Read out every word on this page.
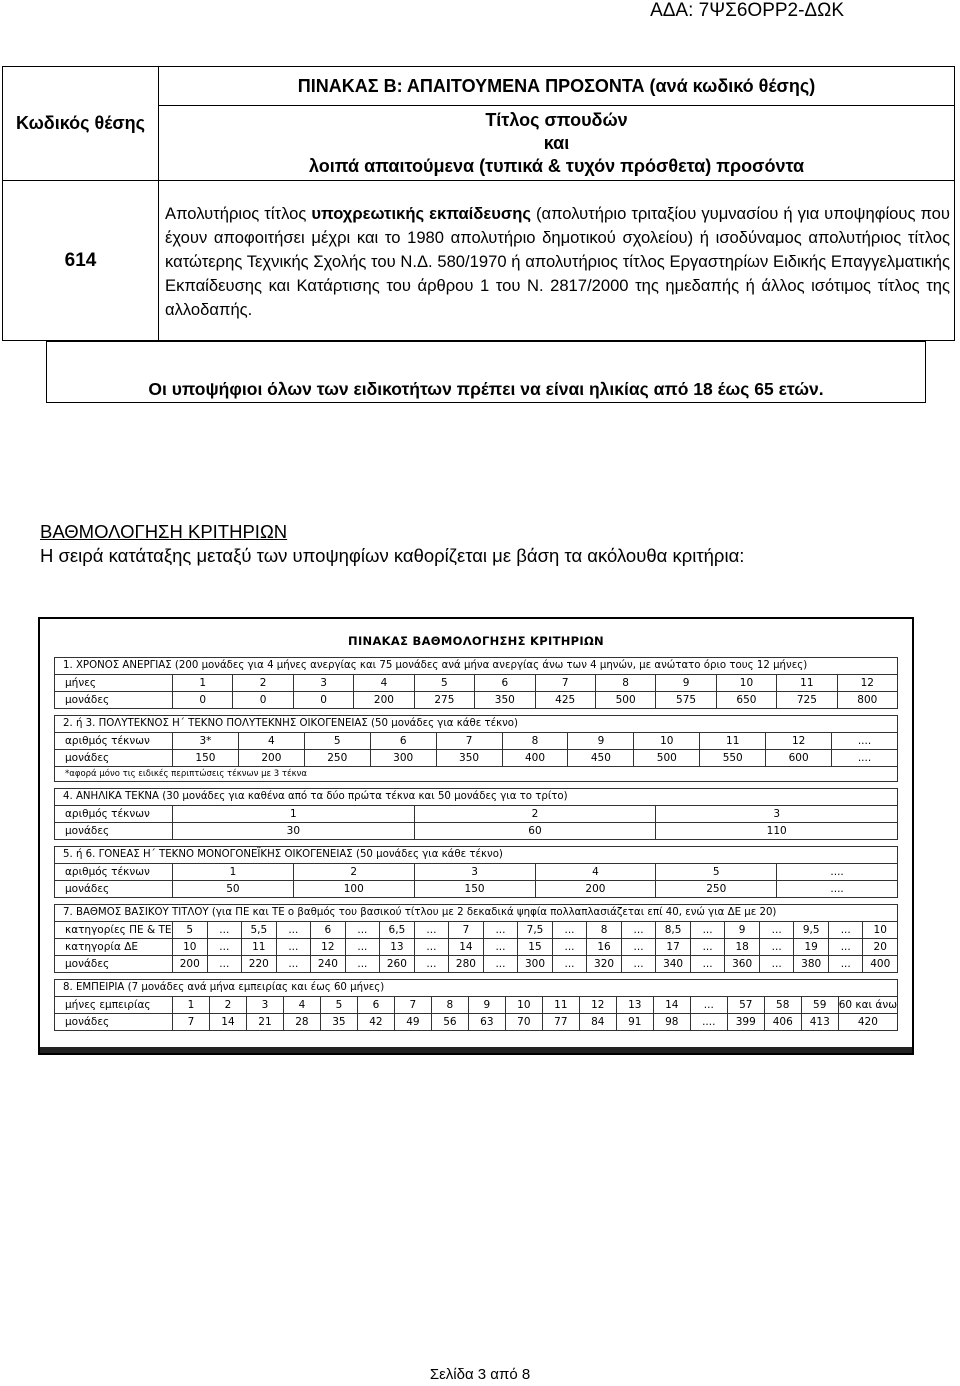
ΑΔΑ: 7ΨΣ6ΟΡΡ2-ΔΩΚ
Κωδικός θέσης	ΠΙΝΑΚΑΣ Β: ΑΠΑΙΤΟΥΜΕΝΑ ΠΡΟΣΟΝΤΑ (ανά κωδικό θέσης)

	Τίτλος σπουδών
και
λοιπά απαιτούμενα (τυπικά & τυχόν πρόσθετα) προσόντα

614	Απολυτήριος τίτλος υποχρεωτικής εκπαίδευσης (απολυτήριο τριταξίου γυμνασίου ή για υποψηφίους που έχουν αποφοιτήσει μέχρι και το 1980 απολυτήριο δημοτικού σχολείου) ή ισοδύναμος απολυτήριος τίτλος κατώτερης Τεχνικής Σχολής του Ν.Δ. 580/1970 ή απολυτήριος τίτλος Εργαστηρίων Ειδικής Επαγγελματικής Εκπαίδευσης και Κατάρτισης του άρθρου 1 του Ν. 2817/2000 της ημεδαπής ή άλλος ισότιμος τίτλος της αλλοδαπής.

Οι υποψήφιοι όλων των ειδικοτήτων πρέπει να είναι ηλικίας από 18 έως 65 ετών.
ΒΑΘΜΟΛΟΓΗΣΗ ΚΡΙΤΗΡΙΩΝ
Η σειρά κατάταξης μεταξύ των υποψηφίων καθορίζεται με βάση τα ακόλουθα κριτήρια:
ΠΙΝΑΚΑΣ ΒΑΘΜΟΛΟΓΗΣΗΣ ΚΡΙΤΗΡΙΩΝ
1. ΧΡΟΝΟΣ ΑΝΕΡΓΙΑΣ (200 μονάδες για 4 μήνες ανεργίας και 75 μονάδες ανά μήνα ανεργίας άνω των 4 μηνών, με ανώτατο όριο τους 12 μήνες)
μήνες	1	2	3	4	5	6	7	8	9	10	11	12
μονάδες	0	0	0	200	275	350	425	500	575	650	725	800
2. ή 3. ΠΟΛΥΤΕΚΝΟΣ Η΄ ΤΕΚΝΟ ΠΟΛΥΤΕΚΝΗΣ ΟΙΚΟΓΕΝΕΙΑΣ (50 μονάδες για κάθε τέκνο)
αριθμός τέκνων	3*	4	5	6	7	8	9	10	11	12	....
μονάδες	150	200	250	300	350	400	450	500	550	600	....
*αφορά μόνο τις ειδικές περιπτώσεις τέκνων με 3 τέκνα
4. ΑΝΗΛΙΚΑ ΤΕΚΝΑ (30 μονάδες για καθένα από τα δύο πρώτα τέκνα και 50 μονάδες για το τρίτο)
αριθμός τέκνων	1	2	3
μονάδες	30	60	110
5. ή 6. ΓΟΝΕΑΣ Η΄ ΤΕΚΝΟ ΜΟΝΟΓΟΝΕΪΚΗΣ ΟΙΚΟΓΕΝΕΙΑΣ (50 μονάδες για κάθε τέκνο)
αριθμός τέκνων	1	2	3	4	5	....
μονάδες	50	100	150	200	250	....
7. ΒΑΘΜΟΣ ΒΑΣΙΚΟΥ ΤΙΤΛΟΥ (για ΠΕ και ΤΕ ο βαθμός του βασικού τίτλου με 2 δεκαδικά ψηφία πολλαπλασιάζεται επί 40, ενώ για ΔΕ με 20)
κατηγορίες ΠΕ & ΤΕ	5	...	5,5	...	6	...	6,5	...	7	...	7,5	...	8	...	8,5	...	9	...	9,5	...	10
κατηγορία ΔΕ	10	...	11	...	12	...	13	...	14	...	15	...	16	...	17	...	18	...	19	...	20
μονάδες	200	...	220	...	240	...	260	...	280	...	300	...	320	...	340	...	360	...	380	...	400
8. ΕΜΠΕΙΡΙΑ (7 μονάδες ανά μήνα εμπειρίας και έως 60 μήνες)
μήνες εμπειρίας	1	2	3	4	5	6	7	8	9	10	11	12	13	14	...	57	58	59	60 και άνω
μονάδες	7	14	21	28	35	42	49	56	63	70	77	84	91	98	....	399	406	413	420
Σελίδα 3 από 8
